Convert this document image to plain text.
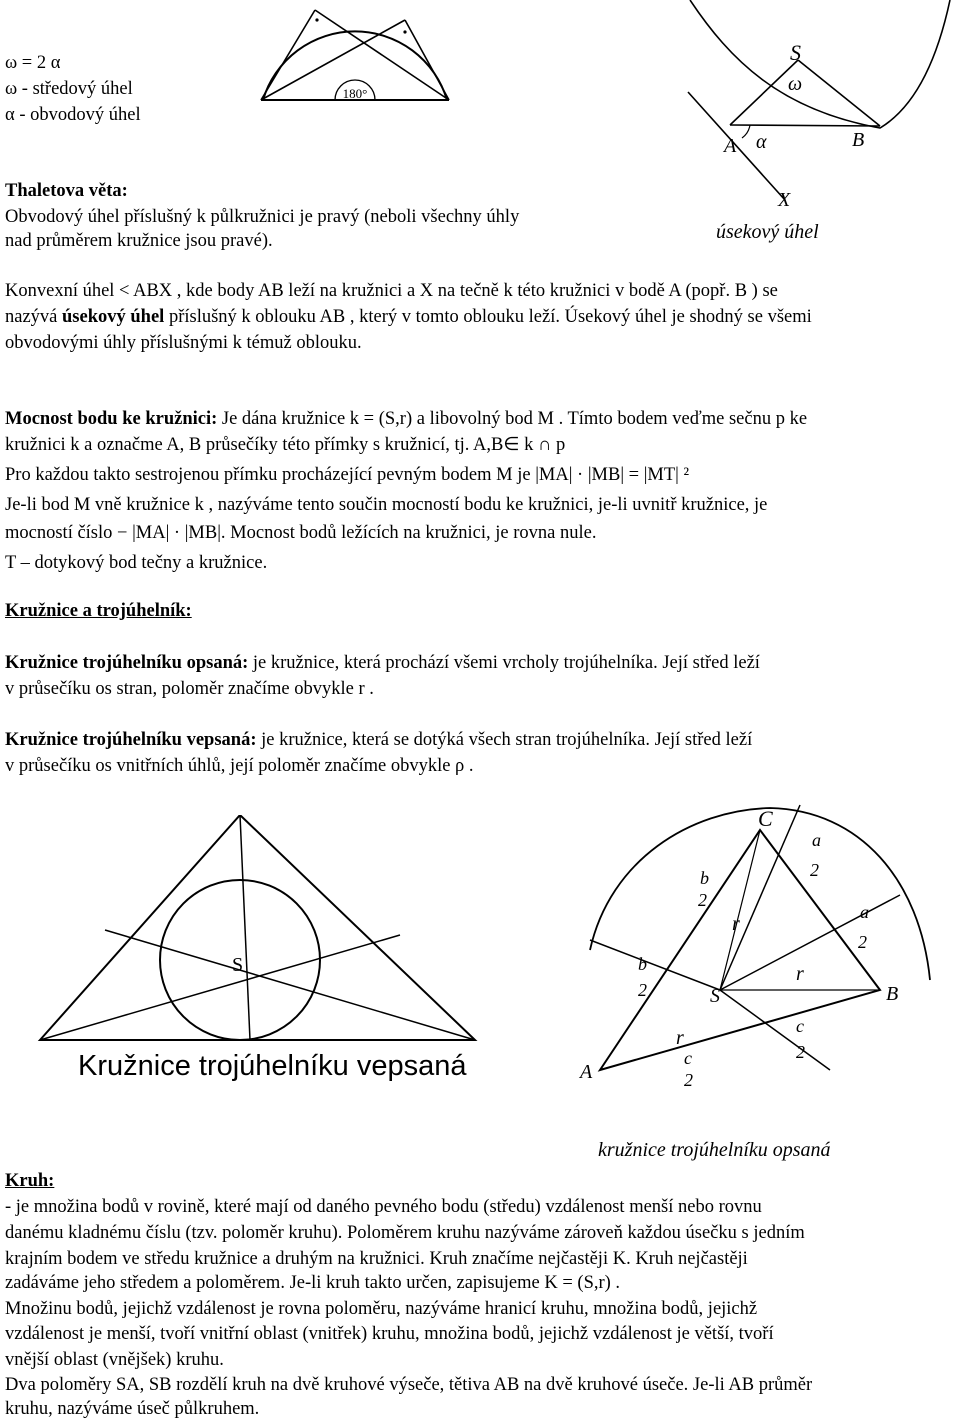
ω = 2 α
ω - středový úhel
α - obvodový úhel
Thaletova věta:
Obvodový úhel příslušný k půlkružnici je pravý (neboli všechny úhly
nad průměrem kružnice jsou pravé).
180°
S
ω
A α	B
X
úsekový úhel
Konvexní úhel < ABX , kde body AB leží na kružnici a X na tečně k této kružnici v bodě A (popř. B ) se
nazývá úsekový úhel příslušný k oblouku AB , který v tomto oblouku leží. Úsekový úhel je shodný se všemi
obvodovými úhly příslušnými k témuž oblouku.
Mocnost bodu ke kružnici: Je dána kružnice k = (S,r) a libovolný bod M . Tímto bodem veďme sečnu p ke
kružnici k a označme A, B průsečíky této přímky s kružnicí, tj. A,B∈ k ∩ p
Pro každou takto sestrojenou přímku procházející pevným bodem M je |MA| · |MB| = |MT| ²
Je-li bod M vně kružnice k , nazýváme tento součin mocností bodu ke kružnici, je-li uvnitř kružnice, je
mocností číslo − |MA| · |MB|. Mocnost bodů ležících na kružnici, je rovna nule.
T – dotykový bod tečny a kružnice.
Kružnice a trojúhelník:
Kružnice trojúhelníku opsaná: je kružnice, která prochází všemi vrcholy trojúhelníka. Její střed leží
v průsečíku os stran, poloměr značíme obvykle r .
Kružnice trojúhelníku vepsaná: je kružnice, která se dotýká všech stran trojúhelníka. Její střed leží
v průsečíku os vnitřních úhlů, její poloměr značíme obvykle ρ .
S
Kružnice trojúhelníku vepsaná
C
A
B
S
r
r
r
a
2
a
2
b
2
b
2
c
2
c
2
kružnice trojúhelníku opsaná
Kruh:
- je množina bodů v rovině, které mají od daného pevného bodu (středu) vzdálenost menší nebo rovnu
danému kladnému číslu (tzv. poloměr kruhu). Poloměrem kruhu nazýváme zároveň každou úsečku s jedním
krajním bodem ve středu kružnice a druhým na kružnici. Kruh značíme nejčastěji K. Kruh nejčastěji
zadáváme jeho středem a poloměrem. Je-li kruh takto určen, zapisujeme K = (S,r) .
Množinu bodů, jejichž vzdálenost je rovna poloměru, nazýváme hranicí kruhu, množina bodů, jejichž
vzdálenost je menší, tvoří vnitřní oblast (vnitřek) kruhu, množina bodů, jejichž vzdálenost je větší, tvoří
vnější oblast (vnějšek) kruhu.
Dva poloměry SA, SB rozdělí kruh na dvě kruhové výseče, tětiva AB na dvě kruhové úseče. Je-li AB průměr
kruhu, nazýváme úseč půlkruhem.
